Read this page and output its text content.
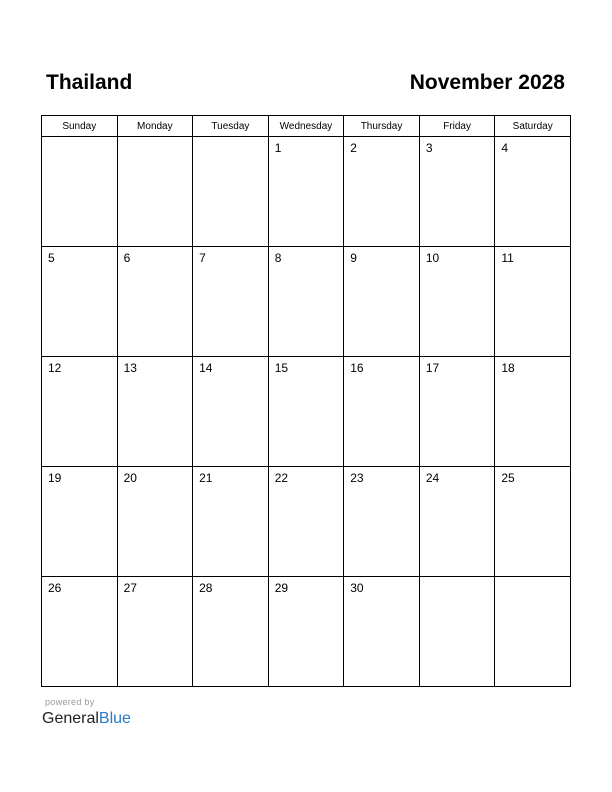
Thailand	November 2028
Sunday	Monday	Tuesday	Wednesday	Thursday	Friday	Saturday

			1	2	3	4

5	6	7	8	9	10	11

12	13	14	15	16	17	18

19	20	21	22	23	24	25

26	27	28	29	30		

powered by
GeneralBlue
